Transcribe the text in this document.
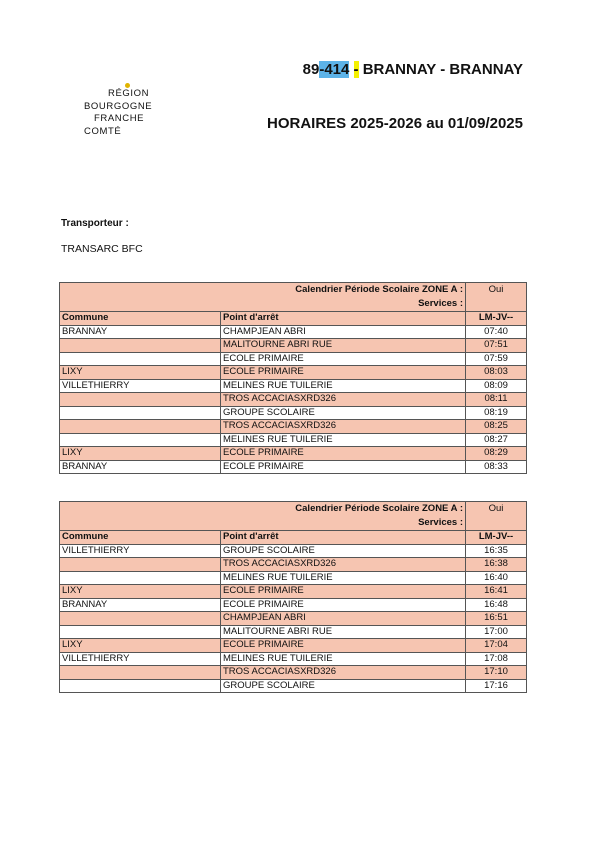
RÉGION
BOURGOGNE
FRANCHE
COMTÉ
89-414 - BRANNAY - BRANNAY
HORAIRES 2025-2026 au 01/09/2025
Transporteur :
TRANSARC BFC
Calendrier Période Scolaire ZONE A :
Services :		Oui
Commune	Point d'arrêt	LM-JV--
BRANNAY	CHAMPJEAN ABRI	07:40
	MALITOURNE ABRI RUE	07:51
	ECOLE PRIMAIRE	07:59
LIXY	ECOLE PRIMAIRE	08:03
VILLETHIERRY	MELINES RUE TUILERIE	08:09
	TROS ACCACIASXRD326	08:11
	GROUPE SCOLAIRE	08:19
	TROS ACCACIASXRD326	08:25
	MELINES RUE TUILERIE	08:27
LIXY	ECOLE PRIMAIRE	08:29
BRANNAY	ECOLE PRIMAIRE	08:33
Calendrier Période Scolaire ZONE A :
Services :		Oui
Commune	Point d'arrêt	LM-JV--
VILLETHIERRY	GROUPE SCOLAIRE	16:35
	TROS ACCACIASXRD326	16:38
	MELINES RUE TUILERIE	16:40
LIXY	ECOLE PRIMAIRE	16:41
BRANNAY	ECOLE PRIMAIRE	16:48
	CHAMPJEAN ABRI	16:51
	MALITOURNE ABRI RUE	17:00
LIXY	ECOLE PRIMAIRE	17:04
VILLETHIERRY	MELINES RUE TUILERIE	17:08
	TROS ACCACIASXRD326	17:10
	GROUPE SCOLAIRE	17:16
